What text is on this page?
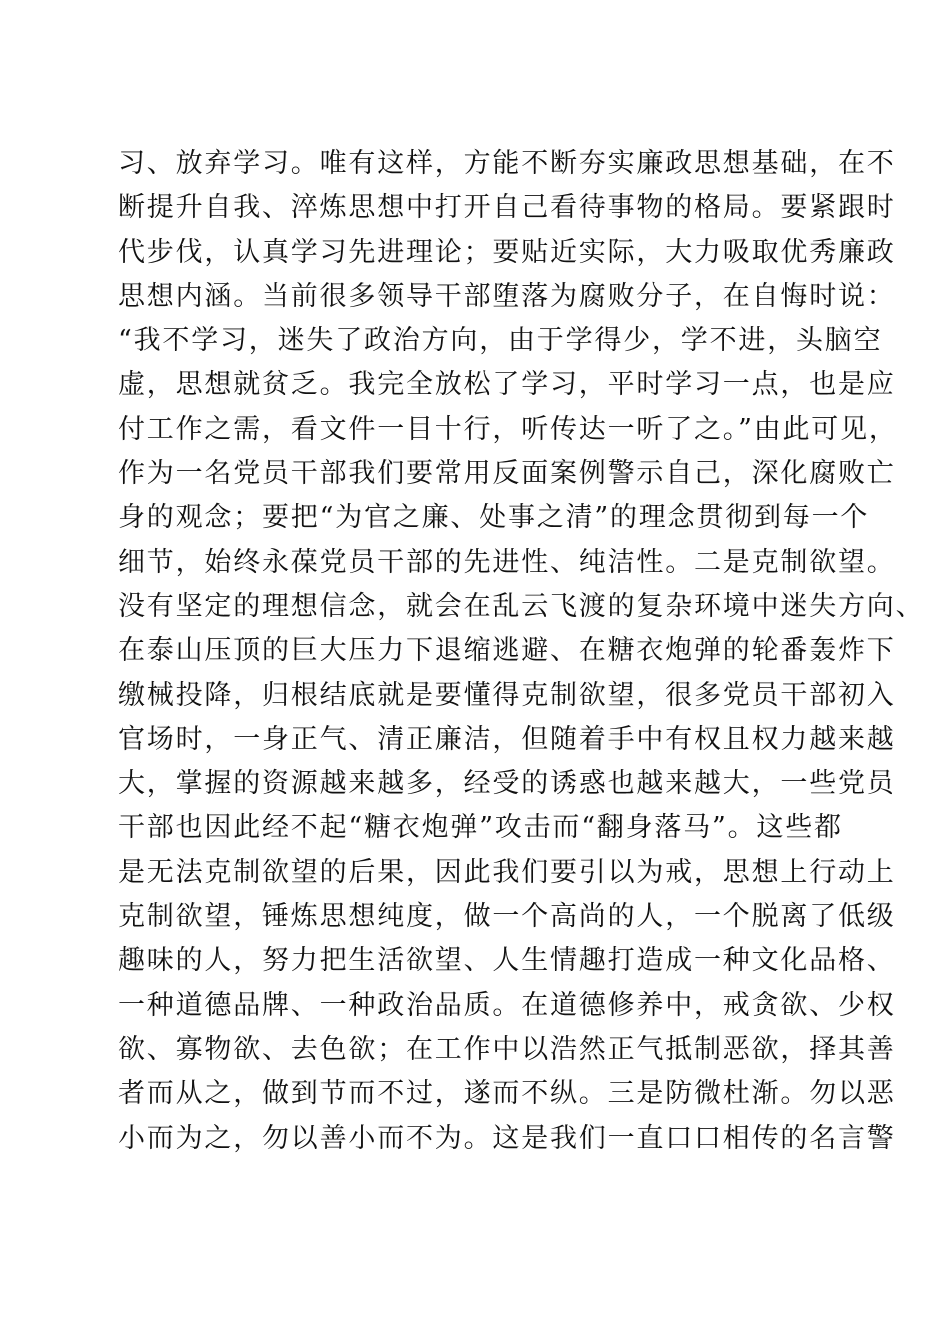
习、放弃学习。唯有这样，方能不断夯实廉政思想基础，在不
断提升自我、淬炼思想中打开自己看待事物的格局。要紧跟时
代步伐，认真学习先进理论；要贴近实际，大力吸取优秀廉政
思想内涵。当前很多领导干部堕落为腐败分子，在自悔时说：
“我不学习，迷失了政治方向，由于学得少，学不进，头脑空
虚，思想就贫乏。我完全放松了学习，平时学习一点，也是应
付工作之需，看文件一目十行，听传达一听了之。”由此可见，
作为一名党员干部我们要常用反面案例警示自己，深化腐败亡
身的观念；要把“为官之廉、处事之清”的理念贯彻到每一个
细节，始终永葆党员干部的先进性、纯洁性。二是克制欲望。
没有坚定的理想信念，就会在乱云飞渡的复杂环境中迷失方向、
在泰山压顶的巨大压力下退缩逃避、在糖衣炮弹的轮番轰炸下
缴械投降，归根结底就是要懂得克制欲望，很多党员干部初入
官场时，一身正气、清正廉洁，但随着手中有权且权力越来越
大，掌握的资源越来越多，经受的诱惑也越来越大，一些党员
干部也因此经不起“糖衣炮弹”攻击而“翻身落马”。这些都
是无法克制欲望的后果，因此我们要引以为戒，思想上行动上
克制欲望，锤炼思想纯度，做一个高尚的人，一个脱离了低级
趣味的人，努力把生活欲望、人生情趣打造成一种文化品格、
一种道德品牌、一种政治品质。在道德修养中，戒贪欲、少权
欲、寡物欲、去色欲；在工作中以浩然正气抵制恶欲，择其善
者而从之，做到节而不过，遂而不纵。三是防微杜渐。勿以恶
小而为之，勿以善小而不为。这是我们一直口口相传的名言警
